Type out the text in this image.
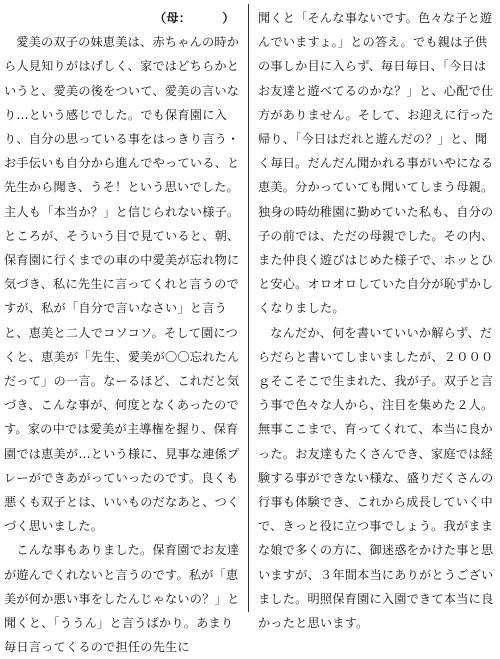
（母：　　　）
愛美の双子の妹恵美は、赤ちゃんの時から人見知りがはげしく、家ではどちらかというと、愛美の後をついて、愛美の言いなり…という感じでした。でも保育園に入り、自分の思っている事をはっきり言う・お手伝いも自分から進んでやっている、と先生から聞き、うそ！という思いでした。主人も「本当か？」と信じられない様子。ところが、そういう目で見ていると、朝、保育園に行くまでの車の中愛美が忘れ物に気づき、私に先生に言ってくれと言うのですが、私が「自分で言いなさい」と言うと、恵美と二人でコソコソ。そして園につくと、恵美が「先生、愛美が〇〇忘れたんだって」の一言。なーるほど、これだと気づき、こんな事が、何度となくあったのです。家の中では愛美が主導権を握り、保育園では恵美が…という様に、見事な連係プレーができあがっていったのです。良くも悪くも双子とは、いいものだなあと、つくづく思いました。
こんな事もありました。保育園でお友達が遊んでくれないと言うのです。私が「恵美が何か悪い事をしたんじゃないの？」と聞くと、「ううん」と言うばかり。あまり毎日言ってくるので担任の先生に
聞くと「そんな事ないです。色々な子と遊んでいますょ。」との答え。でも親は子供の事しか目に入らず、毎日毎日、「今日はお友達と遊べてるのかな？」と、心配で仕方がありません。そして、お迎えに行った帰り、「今日はだれと遊んだの？」と、聞く毎日。だんだん聞かれる事がいやになる恵美。分かっていても聞いてしまう母親。独身の時幼稚園に勤めていた私も、自分の子の前では、ただの母親でした。その内、また仲良く遊びはじめた様子で、ホッとひと安心。オロオロしていた自分が恥ずかしくなりました。
なんだか、何を書いていいか解らず、だらだらと書いてしまいましたが、２０００ｇそこそこで生まれた、我が子。双子と言う事で色々な人から、注目を集めた２人。無事ここまで、育ってくれて、本当に良かった。お友達もたくさんでき、家庭では経験する事ができない様な、盛りだくさんの行事も体験でき、これから成長していく中で、きっと役に立つ事でしょう。我がままな娘で多くの方に、御迷惑をかけた事と思いますが、３年間本当にありがとうございました。明照保育園に入園できて本当に良かったと思います。
